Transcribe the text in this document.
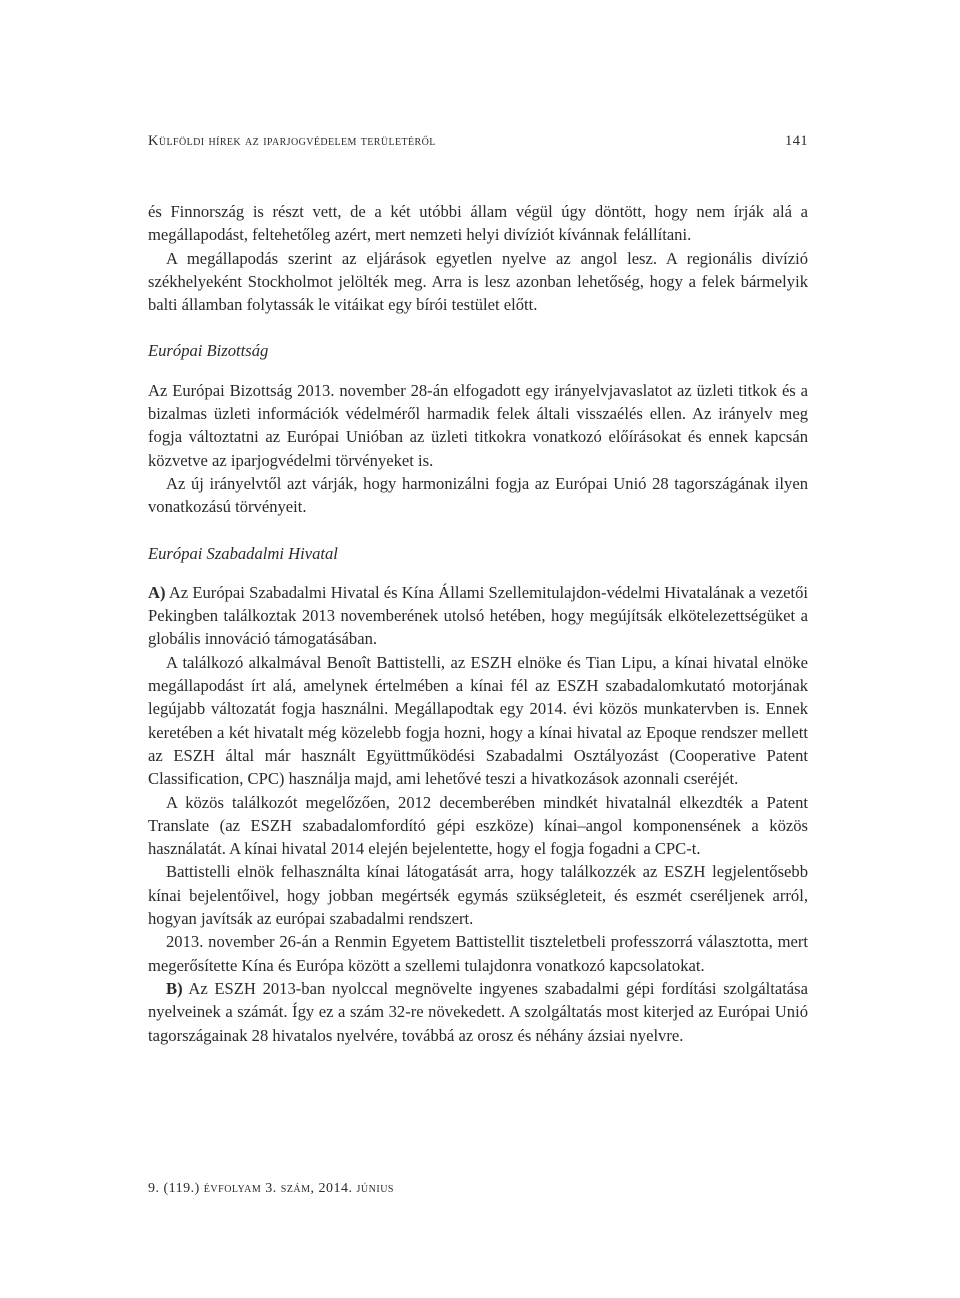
Külföldi hírek az iparjogvédelem területéről	141

és Finnország is részt vett, de a két utóbbi állam végül úgy döntött, hogy nem írják alá a megállapodást, feltehetőleg azért, mert nemzeti helyi divíziót kívánnak felállítani.

A megállapodás szerint az eljárások egyetlen nyelve az angol lesz. A regionális divízió székhelyeként Stockholmot jelölték meg. Arra is lesz azonban lehetőség, hogy a felek bármelyik balti államban folytassák le vitáikat egy bírói testület előtt.

Európai Bizottság

Az Európai Bizottság 2013. november 28-án elfogadott egy irányelvjavaslatot az üzleti titkok és a bizalmas üzleti információk védelméről harmadik felek általi visszaélés ellen. Az irányelv meg fogja változtatni az Európai Unióban az üzleti titkokra vonatkozó előírásokat és ennek kapcsán közvetve az iparjogvédelmi törvényeket is.

Az új irányelvtől azt várják, hogy harmonizálni fogja az Európai Unió 28 tagországának ilyen vonatkozású törvényeit.

Európai Szabadalmi Hivatal

A) Az Európai Szabadalmi Hivatal és Kína Állami Szellemitulajdon-védelmi Hivatalának a vezetői Pekingben találkoztak 2013 novemberének utolsó hetében, hogy megújítsák elkötelezettségüket a globális innováció támogatásában.

A találkozó alkalmával Benoît Battistelli, az ESZH elnöke és Tian Lipu, a kínai hivatal elnöke megállapodást írt alá, amelynek értelmében a kínai fél az ESZH szabadalomkutató motorjának legújabb változatát fogja használni. Megállapodtak egy 2014. évi közös munkatervben is. Ennek keretében a két hivatalt még közelebb fogja hozni, hogy a kínai hivatal az Epoque rendszer mellett az ESZH által már használt Együttműködési Szabadalmi Osztályozást (Cooperative Patent Classification, CPC) használja majd, ami lehetővé teszi a hivatkozások azonnali cseréjét.

A közös találkozót megelőzően, 2012 decemberében mindkét hivatalnál elkezdték a Patent Translate (az ESZH szabadalomfordító gépi eszköze) kínai–angol komponensének a közös használatát. A kínai hivatal 2014 elején bejelentette, hogy el fogja fogadni a CPC-t.

Battistelli elnök felhasználta kínai látogatását arra, hogy találkozzék az ESZH legjelentősebb kínai bejelentőivel, hogy jobban megértsék egymás szükségleteit, és eszmét cseréljenek arról, hogyan javítsák az európai szabadalmi rendszert.

2013. november 26-án a Renmin Egyetem Battistellit tiszteletbeli professzorrá választotta, mert megerősítette Kína és Európa között a szellemi tulajdonra vonatkozó kapcsolatokat.

B) Az ESZH 2013-ban nyolccal megnövelte ingyenes szabadalmi gépi fordítási szolgáltatása nyelveinek a számát. Így ez a szám 32-re növekedett. A szolgáltatás most kiterjed az Európai Unió tagországainak 28 hivatalos nyelvére, továbbá az orosz és néhány ázsiai nyelvre.

9. (119.) évfolyam 3. szám, 2014. június
